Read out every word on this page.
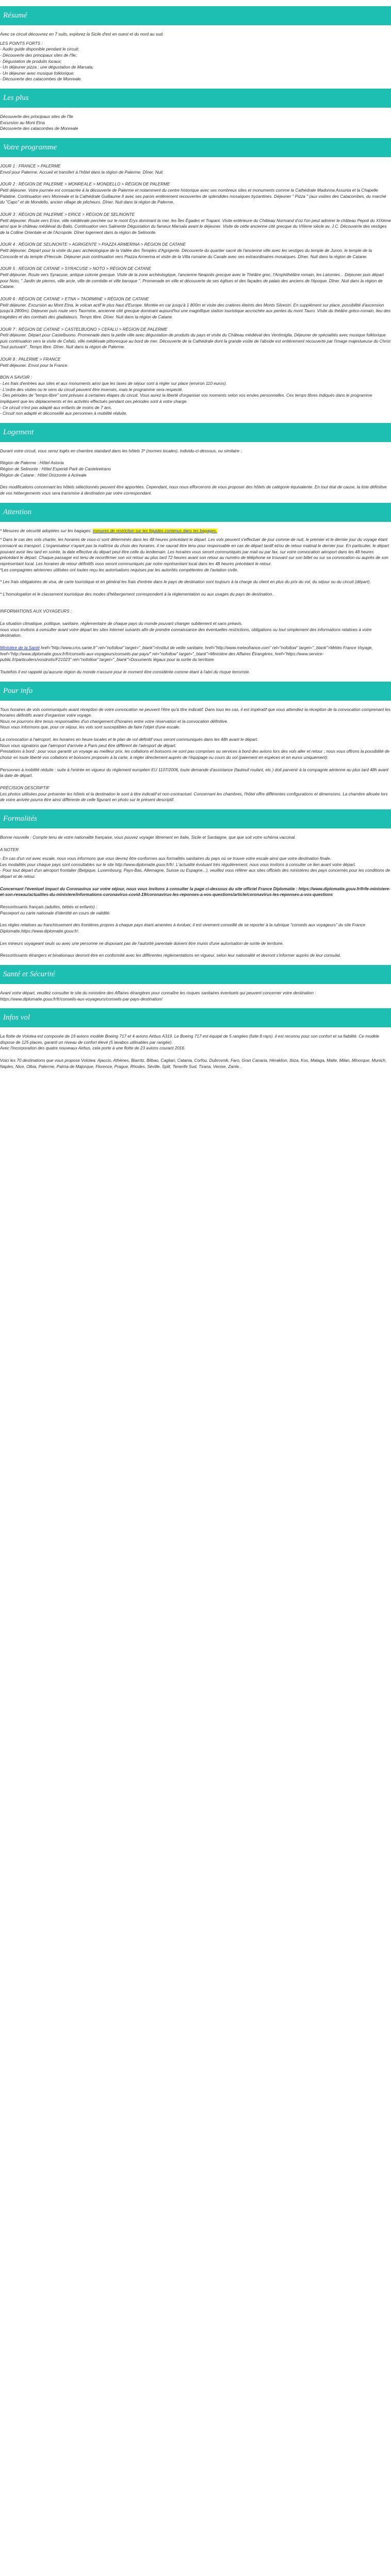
Résumé

Avec ce circuit découvrez en 7 suits, explorez la Sicile d'est en ouest et du nord au sud.

LES POINTS FORTS :
- Audio guide disponible pendant le circuit;
- Découverte des principaux sites de l'île;
- Dégustation de produits locaux;
- Un déjeuner pizza ; une dégustation de Marsala;
- Un déjeuner avec musique folklorique;
- Découverte des catacombes de Monreale.

Les plus

Découverte des principaux sites de l'île
Excursion au Mont Etna
Découverte des catacombes de Monreale

Votre programme

JOUR 1 : FRANCE > PALERME
Envol pour Palerme. Accueil et transfert à l'hôtel dans la région de Palerme. Dîner, Nuit.

JOUR 2 : RÉGION DE PALERME > MONREALE > MONDELLO > RÉGION DE PALERME
Petit déjeuner. Votre journée est consacrée à la découverte de Palerme et notamment du centre historique avec ses nombreux sites et monuments comme la Cathédrale Madonna Assunta et la Chapelle Palatine. Continuation vers Monreale et la Cathédrale Guillaume II avec ses parois entièrement recouvertes de splendides mosaïques byzantines. Déjeuner " Pizza " (aux voûtes des Catacombes, du marché du "Capo" et de Mondello, ancien village de pêcheurs. Dîner. Nuit dans la région de Palerme.

JOUR 3 : RÉGION DE PALERME > ERICE > RÉGION DE SELINONTE
Petit déjeuner. Route vers Erice, ville médiévale perchée sur le mont Eryx dominant la mer, les Îles Égades et Trapani. Visite extérieure du Château Normand d'où l'on peut admirer le château Pepoli du XIXème ainsi que le château médiéval du Balio. Continuation vers Salinente Dégustation du fameux Marsala avant le déjeuner. Visite de cette ancienne cité grecque du VIIème siècle av. J.C. Découverte des vestiges de la Colline Orientale et de l'Acropole. Dîner logement dans la région de Selinonte.

JOUR 4 : RÉGION DE SELINONTE > AGRIGENTE > PIAZZA ARMERINA > RÉGION DE CATANE
Petit déjeuner. Départ pour la visite du parc archéologique de la Vallée des Temples d'Agrigente. Découverte du quartier sacré de l'ancienne ville avec les vestiges du temple de Junon, le temple de la Concorde et du temple d'Hercule. Déjeuner puis continuation vers Piazza Armerina et visite de la Villa romaine du Casale avec ses extraordinaires mosaïques. Dîner. Nuit dans la région de Catane.

JOUR 5 : RÉGION DE CATANE > SYRACUSE > NOTO > RÉGION DE CATANE
Petit déjeuner. Route vers Syracuse, antique colonie grecque. Visite de la zone archéologique, l'ancienne Neapolis grecque avec le Théâtre grec, l'Amphithéâtre romain, les Latomies... Déjeuner puis départ pour Noto, " Jardin de pierres, ville arcie, ville de comédie et ville baroque ". Promenade en ville et découverte de ses églises et des façades de palais des anciens de l'époque. Dîner. Nuit dans la région de Catane.

JOUR 6 : RÉGION DE CATANE > ETNA > TAORMINE > RÉGION DE CATANE
Petit déjeuner. Excursion au Mont Etna, le volcan actif le plus haut d'Europe. Montée en car jusqu'à 1 800m et visite des cratères éteints des Monts Silvestri. En supplément sur place, possibilité d'ascension jusqu'à 2800m). Déjeuner puis route vers Taormine, ancienne cité grecque dominant aujourd'hui une magnifique station touristique accrochée aux pentes du mont Tauro. Visite du théâtre gréco-romain, lieu des tragédies et des combats des gladiateurs. Temps libre. Dîner. Nuit dans la région de Catane.

JOUR 7 : RÉGION DE CATANE > CASTELBUONO > CEFALU > RÉGION DE PALERME
Petit déjeuner. Départ pour Castelbuono. Promenade dans la petite ville avec dégustation de produits du pays et visite du Château médiéval des Ventimiglia. Déjeuner de spécialités avec musique folklorique puis continuation vers la visite de Cefalù, ville médiévale pittoresque au bord de mer. Découverte de la Cathédrale dont la grande voûte de l'abside est entièrement recouverte par l'image majestueuse du Christ "tout puissant". Temps libre. Dîner. Nuit dans la région de Palerme.

JOUR 8 : PALERME > FRANCE
Petit déjeuner. Envol pour la France.

BON A SAVOIR :
- Les frais d'entrées aux sites et aux monuments ainsi que les taxes de séjour sont à régler sur place (environ 110 euros).
- L'ordre des visites ou le sens du circuit peuvent être inversés, mais le programme sera respecté.
- Des périodes de "temps-libre" sont prévues à certaines étapes du circuit. Vous aurez la liberté d'organiser vos moments selon vos envies personnelles. Ces temps libres indiqués dans le programme impliquent que les déplacements et les activités effectués pendant ces périodes sont à votre charge.
- Ce circuit n'est pas adapté aux enfants de moins de 7 ans.
- Circuit non adapté et déconseillé aux personnes à mobilité réduite.

Logement

Durant votre circuit, vous serez logés en chambre standard dans les hôtels 3* (normes locales), individu-ci-dessous, ou similaire :

Région de Palerme : Hôtel Astoria
Région de Selinonte : Hôtel Esperidi Park de Castelvetrano
Région de Catane : Hôtel Orizzonte à Acireale

Des modifications concernant les hôtels sélectionnés peuvent être apportées. Cependant, nous nous efforcerons de vous proposer des hôtels de catégorie équivalente. En tout état de cause, la liste définitive de vos hébergements vous sera transmise à destination par votre correspondant.

Attention

* Mesures de sécurité adoptées sur les bagages: mesures de restriction sur les liquides contenus dans les bagages.

* Dans le cas des vols charter, les horaires de vous-ci sont déterminés dans les 48 heures précédant le départ. Les vols peuvent s'effectuer de jour comme de nuit, le premier et le dernier jour du voyage étant consacré au transport. L'organisateur n'ayant pas la maîtrise du choix des horaires, il ne saurait être tenu pour responsable en cas de départ tardif et/ou de retour matinal le dernier jour. En particulier, le départ pouvant avoir lieu tard en soirée, la date effective du départ peut être celle du lendemain. Les horaires vous seront communiqués par mail ou par fax, sur votre convocation aéroport dans les 48 heures précédant le départ. Chaque passager est tenu de reconfirmer son vol retour au plus tard 72 heures avant son retour au numéro de téléphone se trouvant sur son billet ou sur sa convocation ou auprès de son représentant local. Les horaires de retour définitifs vous seront communiqués par notre représentant local dans les 48 heures précédant le retour.
*Les compagnies aériennes utilisées ont toutes reçu les autorisations requises par les autorités compétentes de l'aviation civile.

* Les frais obligatoires de visa, de carte touristique et en général les frais d'entrée dans le pays de destination sont toujours à la charge du client en plus du prix du vol, du séjour ou du circuit (départ).

* L'homologation et le classement touristique des modes d'hébergement correspondent à la réglementation ou aux usages du pays de destination.

INFORMATIONS AUX VOYAGEURS :

La situation climatique, politique, sanitaire, réglementaire de chaque pays du monde pouvant changer subitement et sans préavis.
nous vous invitons à consulter avant votre départ les sites Internet suivants afin de prendre connaissance des éventuelles restrictions, obligations ou tout simplement des informations relatives à votre destination.

Ministère de la Santé href="http://www.cms.sante.fr" rel="nofollow" target="_blank">Institut de veille sanitaire, href="http://www.meteofrance.com" rel="nofollow" target="_blank">Météo France Voyage, href="http://www.diplomatie.gouv.fr/fr/conseils-aux-voyageurs/conseils-par-pays/" rel="nofollow" target="_blank">Ministère des Affaires Étrangères, href="https://www.service-public.fr/particuliers/vosdroits/F21023" rel="nofollow" target="_blank">Documents légaux pour la sortie du territoire.

Toutefois il est rappelé qu'aucune région du monde n'assure pour le moment être considérée comme étant à l'abri du risque terroriste.

Pour info

Tous horaires de vols communiqués avant réception de votre convocation ne peuvent l'être qu'à titre indicatif. Dans tous les cas, il est impératif que vous attendiez la réception de la convocation comprenant les horaires définitifs avant d'organiser votre voyage.
Nous ne pourrons être tenus responsables d'un changement d'horaires entre votre réservation et la convocation définitive.
Nous vous informons que, pour ce séjour, les vols sont susceptibles de faire l'objet d'une escale.

La convocation à l'aéroport, les horaires en heure locales et le plan de vol définitif vous seront communiqués dans les 48h avant le départ.
Nous vous signalons que l'aéroport d'arrivée à Paris peut être différent de l'aéroport de départ.
Prestations à bord : pour vous garantir un voyage au meilleur prix, les collations et boissons ne sont pas comprises ou services à bord des avions lors des vols aller et retour ; nous vous offrons la possibilité de choisir en toute liberté vos collations et boissons proposés à la carte, à régler directement auprès de l'équipage ou cours du vol (paiement en espèces et en euros uniquement).

Personnes à mobilité réduite : suite à l'entrée en vigueur du règlement européen EU 1107/2006, toute demande d'assistance (fauteuil roulant, etc.) doit parvenir à la compagnie aérienne au plus tard 48h avant la date de départ.

PRÉCISION DESCRIPTIF
Les photos utilisées pour présenter les hôtels et la destination le sont à titre indicatif et non-contractuel. Concernant les chambres, l'hôtel offre différentes configurations et dimensions. La chambre allouée lors de votre arrivée pourra être ainsi différente de celle figurant en photo sur le présent descriptif.

Formalités

Bonne nouvelle : Compte tenu de votre nationalité française, vous pouvez voyager librement en Italie, Sicile et Sardaigne, que que soit votre schéma vaccinal.

A NOTER

- En cas d'un vol avec escale, nous vous informons que vous devrez être conformes aux formalités sanitaires du pays où se trouve votre escale ainsi que votre destination finale.
Les modalités pour chaque pays sont consultables sur le site http://www.diplomatie.gouv.fr/fr/. L'actualité évoluant très régulièrement, nous vous invitons à consulter ce lien avant votre départ.
- Pour tout départ d'un aéroport frontalier (Belgique, Luxembourg, Pays-Bas, Allemagne, Suisse ou Espagne...), veuillez vous référer aux sites officiels des ministères des pays concernés pour les conditions de départ et de retour.

Concernant l'éventuel impact du Coronavirus sur votre séjour, nous vous invitons à consulter la page ci-dessous du site officiel France Diplomatie : https://www.diplomatie.gouv.fr/fr/le-ministere-et-son-reseau/actualites-du-ministere/informations-coronavirus-covid-19/coronavirus-les-reponses-a-vos-questions/article/coronavirus-les-reponses-a-vos-questions

Ressortissants français (adultes, bébés et enfants) :
Passeport ou carte nationale d'identité en cours de validité.

Les règles relatives au franchissement des frontières propres à chaque pays étant amenées à évoluer, il est vivement conseillé de se reporter à la rubrique "conseils aux voyageurs" du site France Diplomatie,https://www.diplomatie.gouv.fr/.

Les mineurs voyageant seuls ou avec une personne ne disposant pas de l'autorité parentale doivent être munis d'une autorisation de sortie de territoire.

Ressortissants étrangers et binationaux devront être en conformité avec les différentes réglementations en vigueur, selon leur nationalité et devront s'informer auprès de leur consulat.

Santé et Sécurité

Avant votre départ, veuillez consulter le site du ministère des Affaires étrangères pour connaître les risques sanitaires éventuels qui peuvent concerner votre destination : https://www.diplomatie.gouv.fr/fr/conseils-aux-voyageurs/conseils-par-pays-destination/

Infos vol

La flotte de Volotea est composée de 19 avions modèle Boeing 717 et 4 avions Airbus A319. Le Boeing 717 est équipé de 5 rangées (fuite 8 rays). il est reconnu pour son confort et sa fiabilité. Ce modèle dispose de 125 places, garanti un niveau de confort élevé (5 lavabos utilisables par rangée).
Avec l'incorporation des quatre nouveaux Airbus, cela porte à une flotte de 23 avions courant 2016.

Voici les 70 destinations que vous propose Volotea: Ajaccio, Athènes, Biarritz, Bilbao, Cagliari, Catania, Corfou, Dubrovnik, Faro, Gran Canaria, Héraklion, Ibiza, Kos, Malaga, Malte, Milan, Minorque, Munich, Naples, Nice, Olbia, Palerme, Palma de Majorque, Florence, Prague, Rhodes, Séville, Split, Tenerife Sud, Tirana, Venise, Zante...
